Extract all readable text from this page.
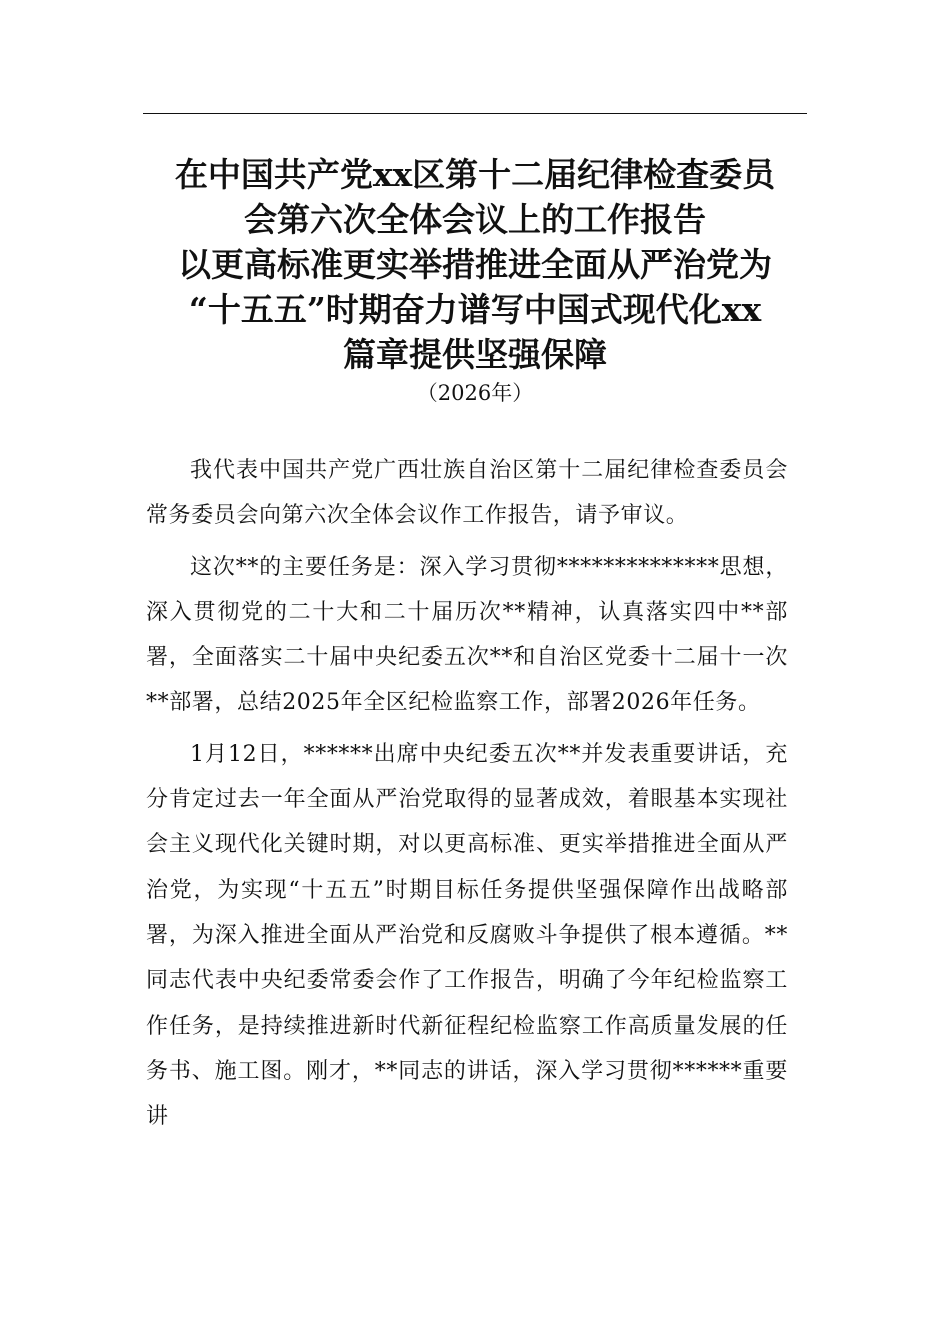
在中国共产党xx区第十二届纪律检查委员
会第六次全体会议上的工作报告
以更高标准更实举措推进全面从严治党为
“十五五”时期奋力谱写中国式现代化xx
篇章提供坚强保障
（2026年）

我代表中国共产党广西壮族自治区第十二届纪律检查委员会常务委员会向第六次全体会议作工作报告，请予审议。

这次**的主要任务是：深入学习贯彻**************思想，深入贯彻党的二十大和二十届历次**精神，认真落实四中**部署，全面落实二十届中央纪委五次**和自治区党委十二届十一次**部署，总结2025年全区纪检监察工作，部署2026年任务。

1月12日，******出席中央纪委五次**并发表重要讲话，充分肯定过去一年全面从严治党取得的显著成效，着眼基本实现社会主义现代化关键时期，对以更高标准、更实举措推进全面从严治党，为实现“十五五”时期目标任务提供坚强保障作出战略部署，为深入推进全面从严治党和反腐败斗争提供了根本遵循。**同志代表中央纪委常委会作了工作报告，明确了今年纪检监察工作任务，是持续推进新时代新征程纪检监察工作高质量发展的任务书、施工图。刚才，**同志的讲话，深入学习贯彻******重要讲
